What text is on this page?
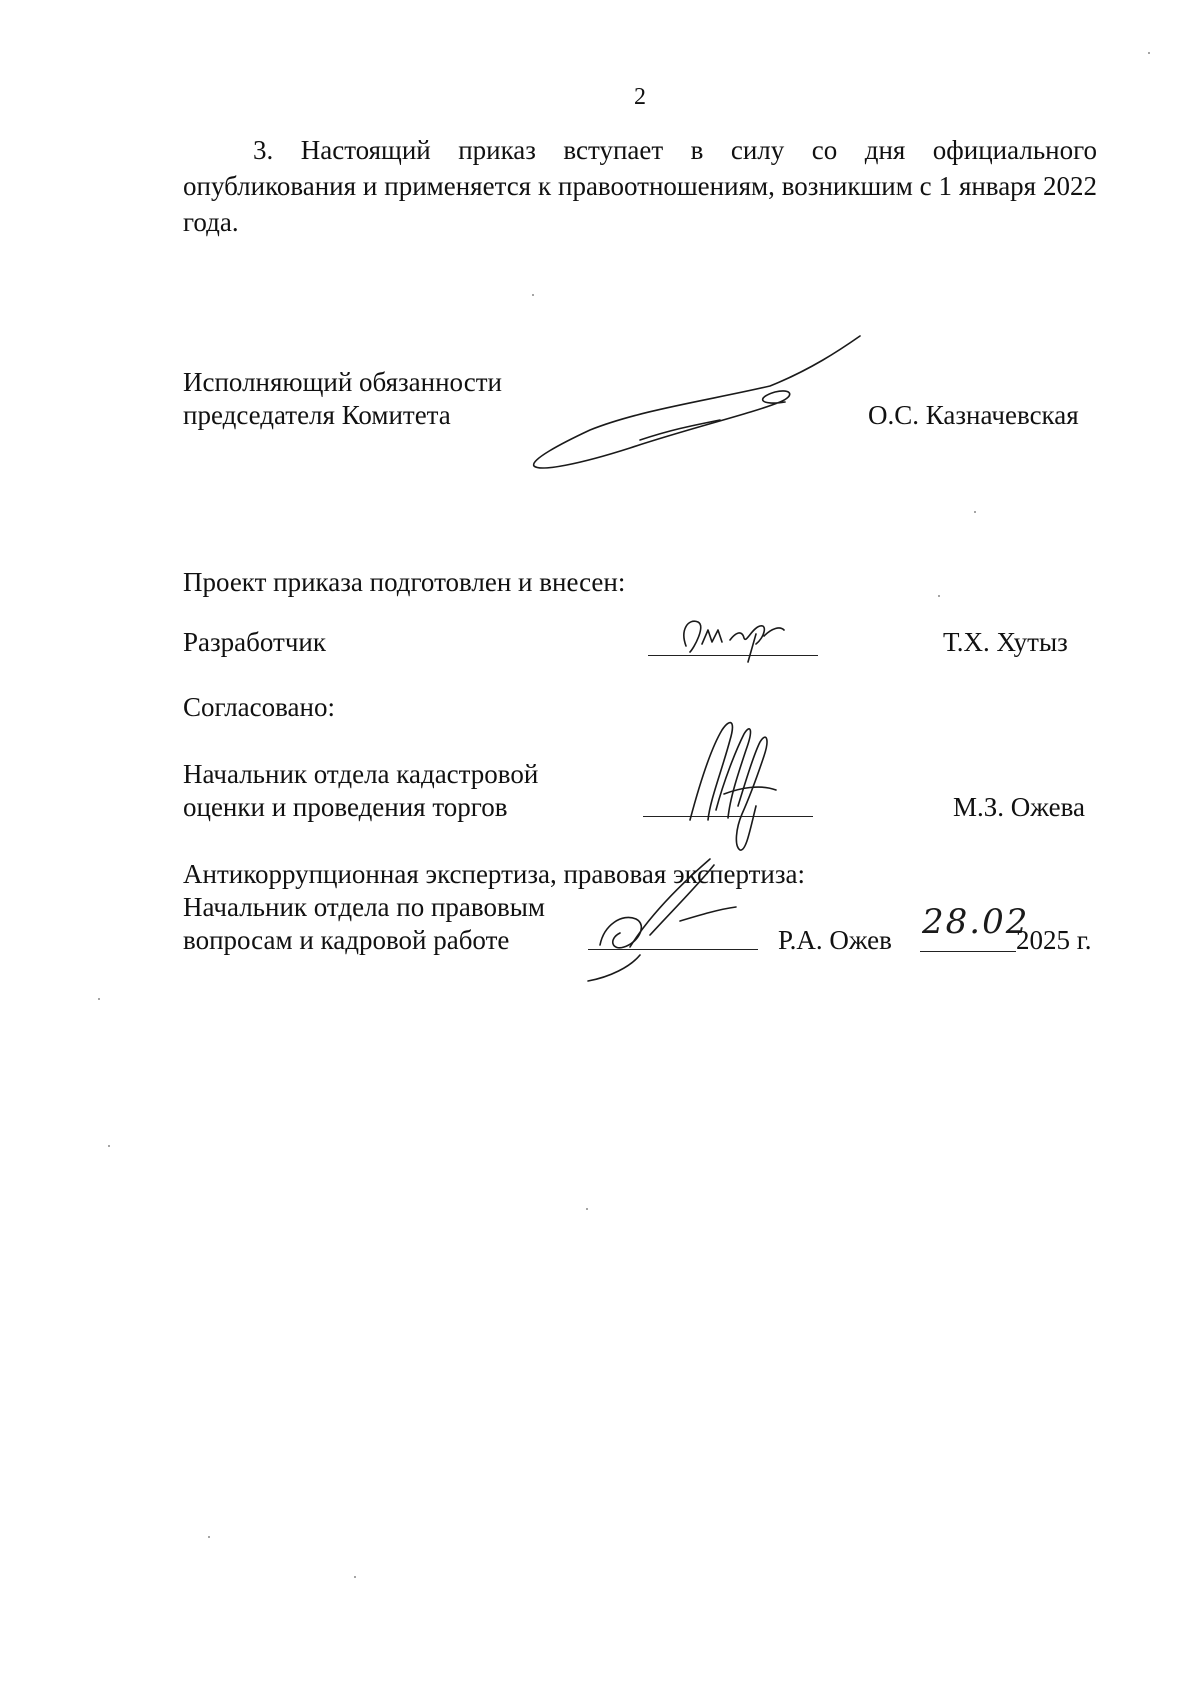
2
3. Настоящий приказ вступает в силу со дня официального опубликования и применяется к правоотношениям, возникшим с 1 января 2022 года.
Исполняющий обязанности
председателя Комитета	О.С. Казначевская
Проект приказа подготовлен и внесен:
Разработчик	Т.Х. Хутыз
Согласовано:
Начальник отдела кадастровой
оценки и проведения торгов	М.З. Ожева
Антикоррупционная экспертиза, правовая экспертиза:
Начальник отдела по правовым
вопросам и кадровой работе	Р.А. Ожев 28.02
2025 г.
